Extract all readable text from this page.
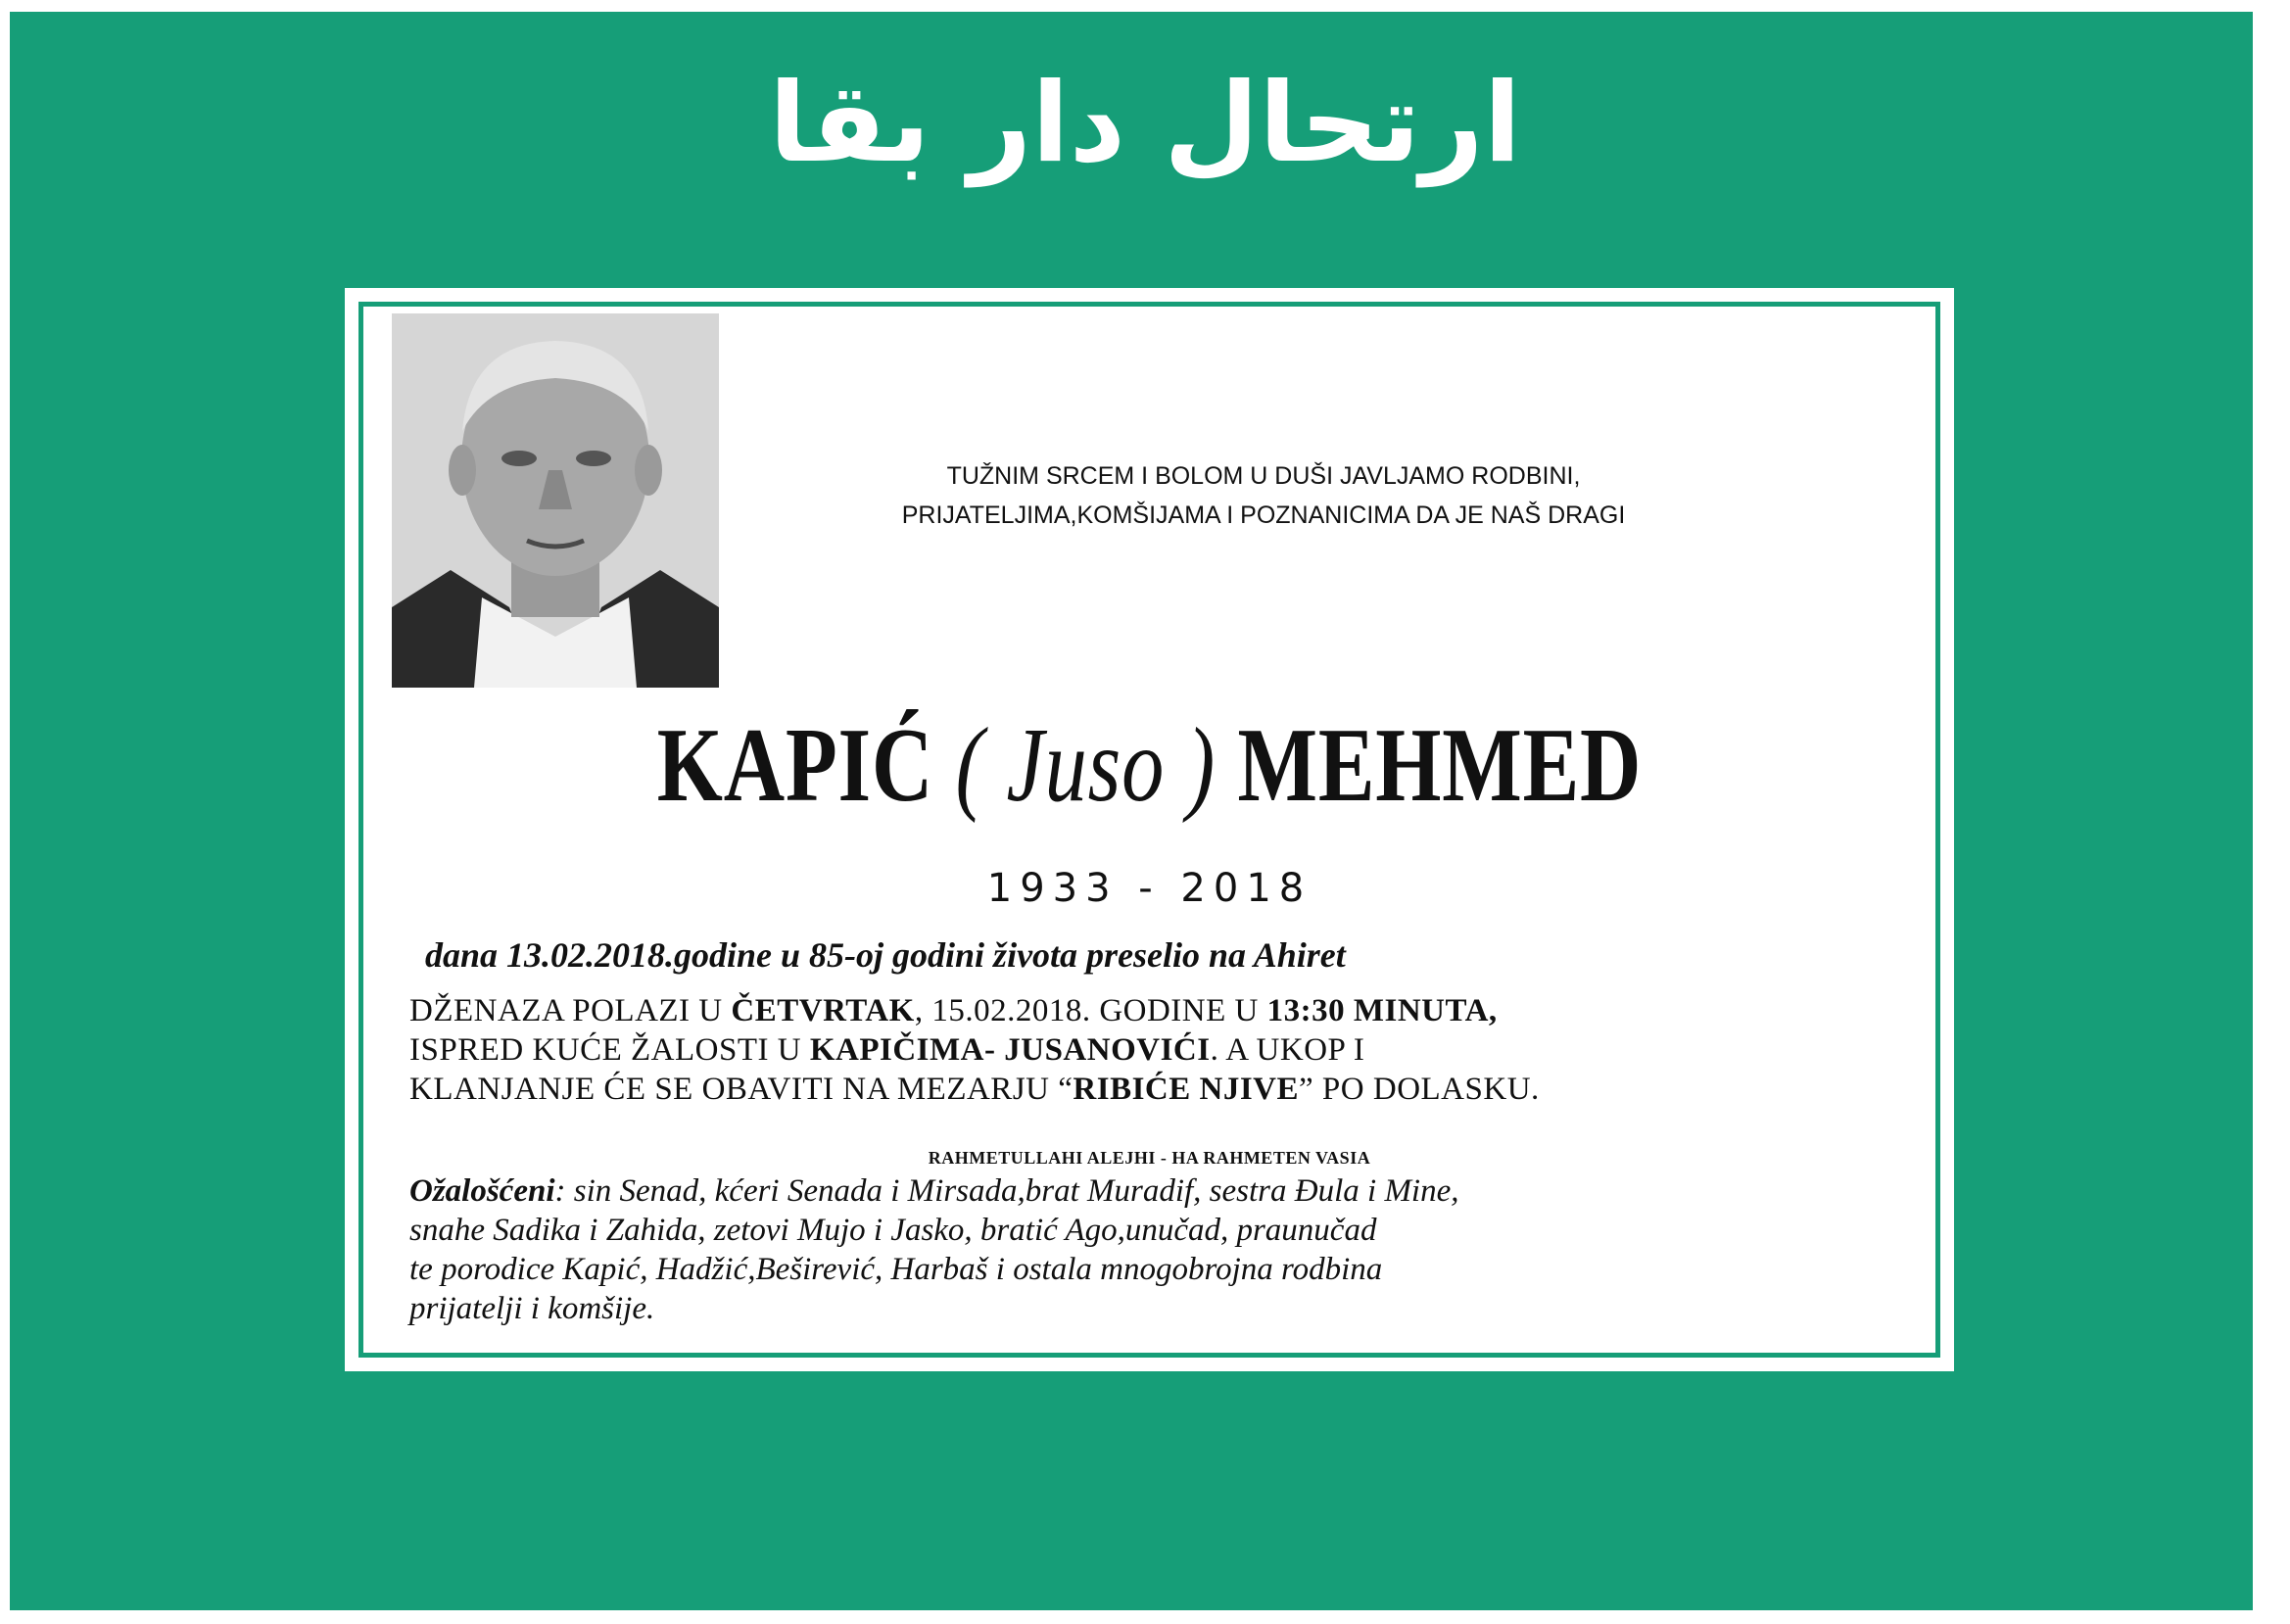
ارتحال دار بقا
TUŽNIM SRCEM I BOLOM U DUŠI JAVLJAMO RODBINI,
PRIJATELJIMA,KOMŠIJAMA I POZNANICIMA DA JE NAŠ DRAGI
KAPIĆ ( Juso ) MEHMED
1933 - 2018
dana 13.02.2018.godine u 85-oj godini života preselio na Ahiret
DŽENAZA POLAZI U ČETVRTAK, 15.02.2018. GODINE U 13:30 MINUTA,
ISPRED KUĆE ŽALOSTI U KAPIČIMA- JUSANOVIĆI. A UKOP I
KLANJANJE ĆE SE OBAVITI NA MEZARJU “RIBIĆE NJIVE” PO DOLASKU.
RAHMETULLAHI ALEJHI - HA RAHMETEN VASIA
Ožalošćeni: sin Senad, kćeri Senada i Mirsada,brat Muradif, sestra Đula i Mine,
snahe Sadika i Zahida, zetovi Mujo i Jasko, bratić Ago,unučad, praunučad
te porodice Kapić, Hadžić,Beširević, Harbaš i ostala mnogobrojna rodbina
prijatelji i komšije.
